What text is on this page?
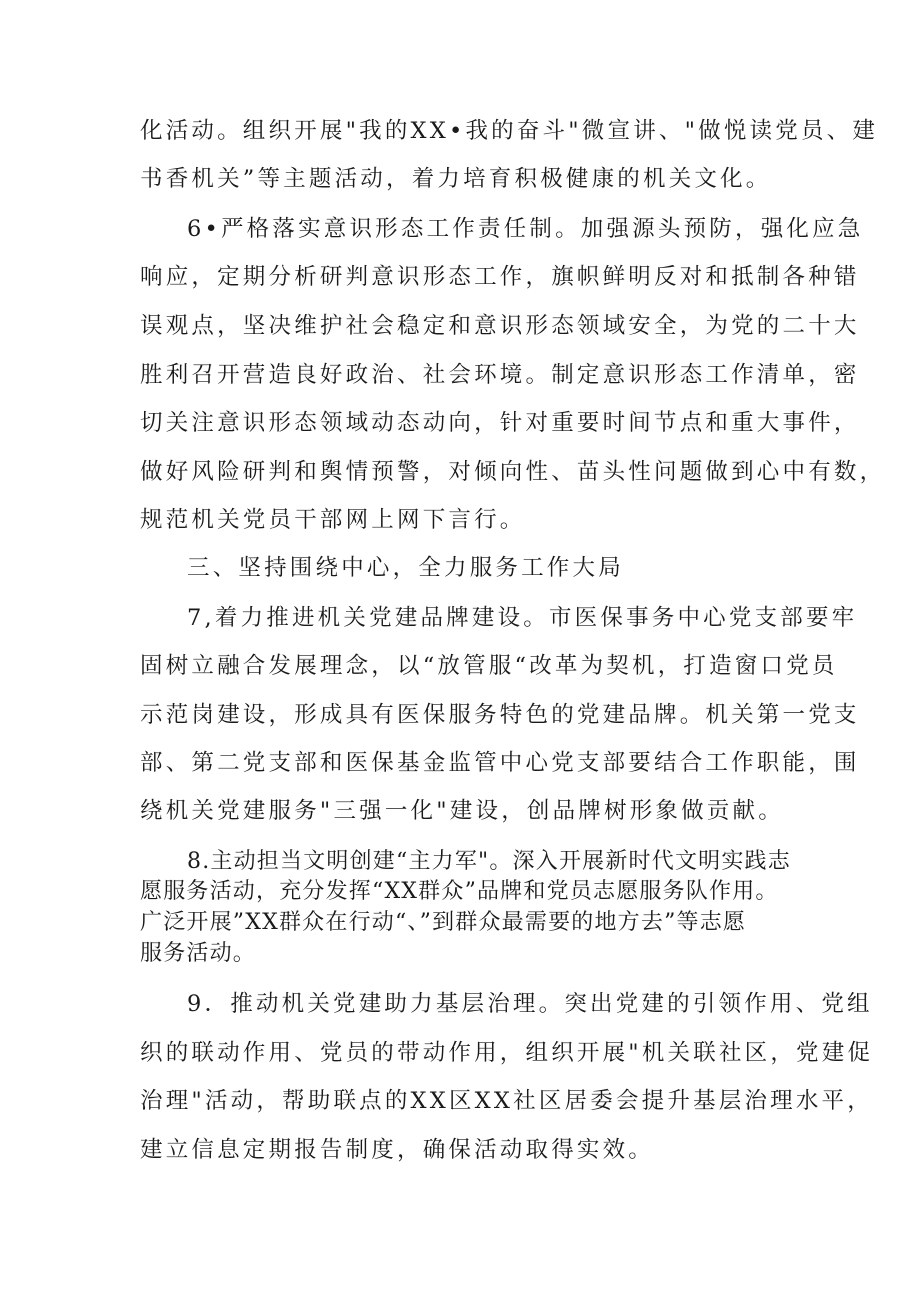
化活动。组织开展"我的XX•我的奋斗"微宣讲、"做悦读党员、建
书香机关”等主题活动，着力培育积极健康的机关文化。
6•严格落实意识形态工作责任制。加强源头预防，强化应急
响应，定期分析研判意识形态工作，旗帜鲜明反对和抵制各种错
误观点，坚决维护社会稳定和意识形态领域安全，为党的二十大
胜利召开营造良好政治、社会环境。制定意识形态工作清单，密
切关注意识形态领域动态动向，针对重要时间节点和重大事件，
做好风险研判和舆情预警，对倾向性、苗头性问题做到心中有数，
规范机关党员干部网上网下言行。
三、坚持围绕中心，全力服务工作大局
7,着力推进机关党建品牌建设。市医保事务中心党支部要牢
固树立融合发展理念，以“放管服“改革为契机，打造窗口党员
示范岗建设，形成具有医保服务特色的党建品牌。机关第一党支
部、第二党支部和医保基金监管中心党支部要结合工作职能，围
绕机关党建服务"三强一化"建设，创品牌树形象做贡献。
8.主动担当文明创建“主力军"。深入开展新时代文明实践志
愿服务活动，充分发挥“XX群众”品牌和党员志愿服务队作用。
广泛开展”XX群众在行动“、”到群众最需要的地方去”等志愿
服务活动。
9．推动机关党建助力基层治理。突出党建的引领作用、党组
织的联动作用、党员的带动作用，组织开展"机关联社区，党建促
治理"活动，帮助联点的XX区XX社区居委会提升基层治理水平，
建立信息定期报告制度，确保活动取得实效。
